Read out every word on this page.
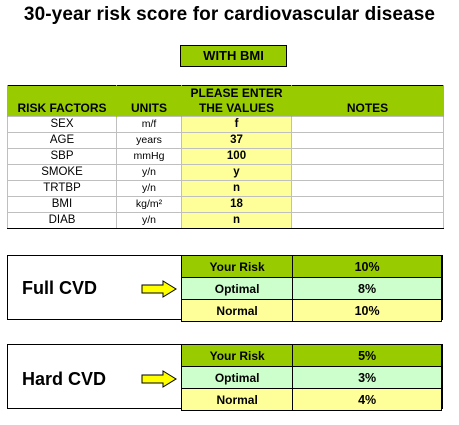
30-year risk score for cardiovascular disease
WITH BMI
		PLEASE ENTER	
RISK FACTORS	UNITS	THE VALUES	NOTES
SEX	m/f	f	
AGE	years	37	
SBP	mmHg	100	
SMOKE	y/n	y	
TRTBP	y/n	n	
BMI	kg/m²	18	
DIAB	y/n	n	
Full CVD
Your Risk	10%
Optimal	8%
Normal	10%
Hard CVD
Your Risk	5%
Optimal	3%
Normal	4%
